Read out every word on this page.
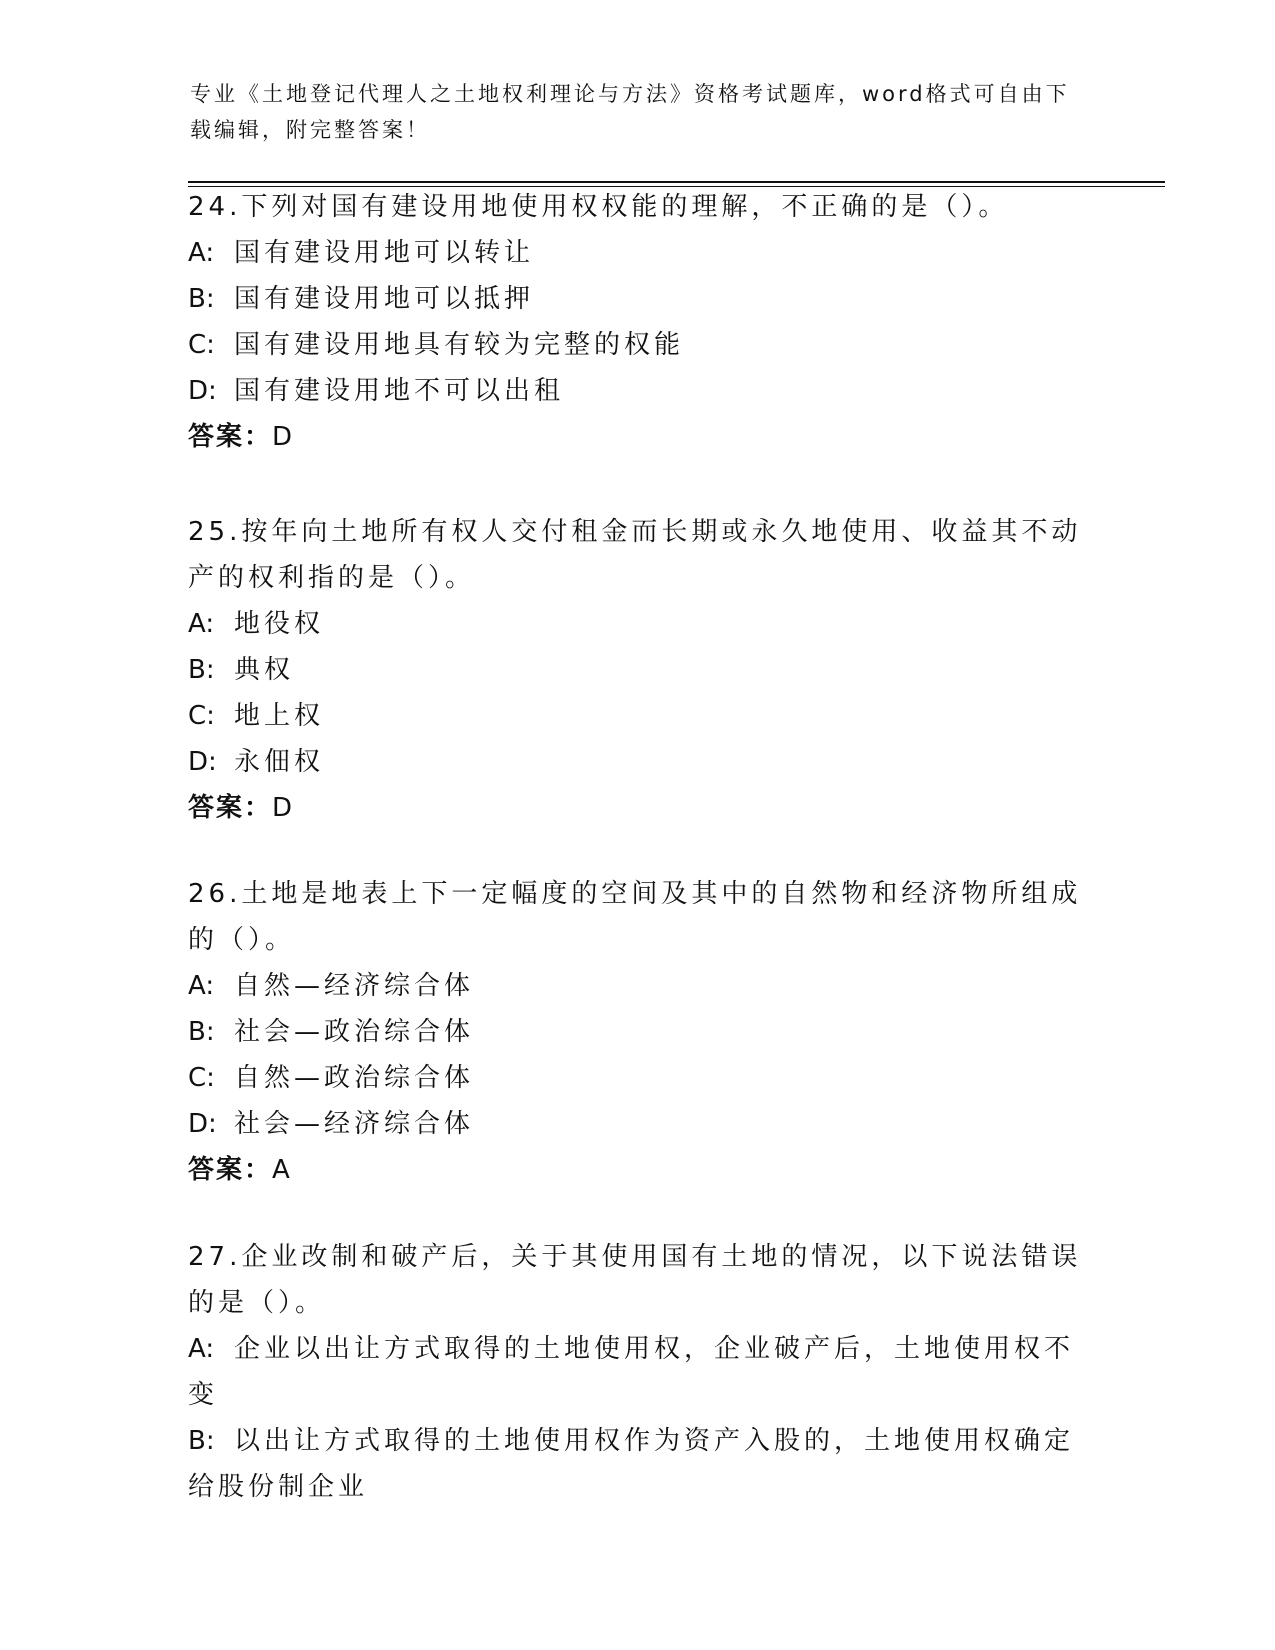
专业《土地登记代理人之土地权利理论与方法》资格考试题库，word格式可自由下载编辑，附完整答案！

24.下列对国有建设用地使用权权能的理解，不正确的是（）。

A: 国有建设用地可以转让

B: 国有建设用地可以抵押

C: 国有建设用地具有较为完整的权能

D: 国有建设用地不可以出租

答案：D

25.按年向土地所有权人交付租金而长期或永久地使用、收益其不动产的权利指的是（）。

A: 地役权

B: 典权

C: 地上权

D: 永佃权

答案：D

26.土地是地表上下一定幅度的空间及其中的自然物和经济物所组成的（）。

A: 自然—经济综合体

B: 社会—政治综合体

C: 自然—政治综合体

D: 社会—经济综合体

答案：A

27.企业改制和破产后，关于其使用国有土地的情况，以下说法错误的是（）。

A: 企业以出让方式取得的土地使用权，企业破产后，土地使用权不变

B: 以出让方式取得的土地使用权作为资产入股的，土地使用权确定给股份制企业
